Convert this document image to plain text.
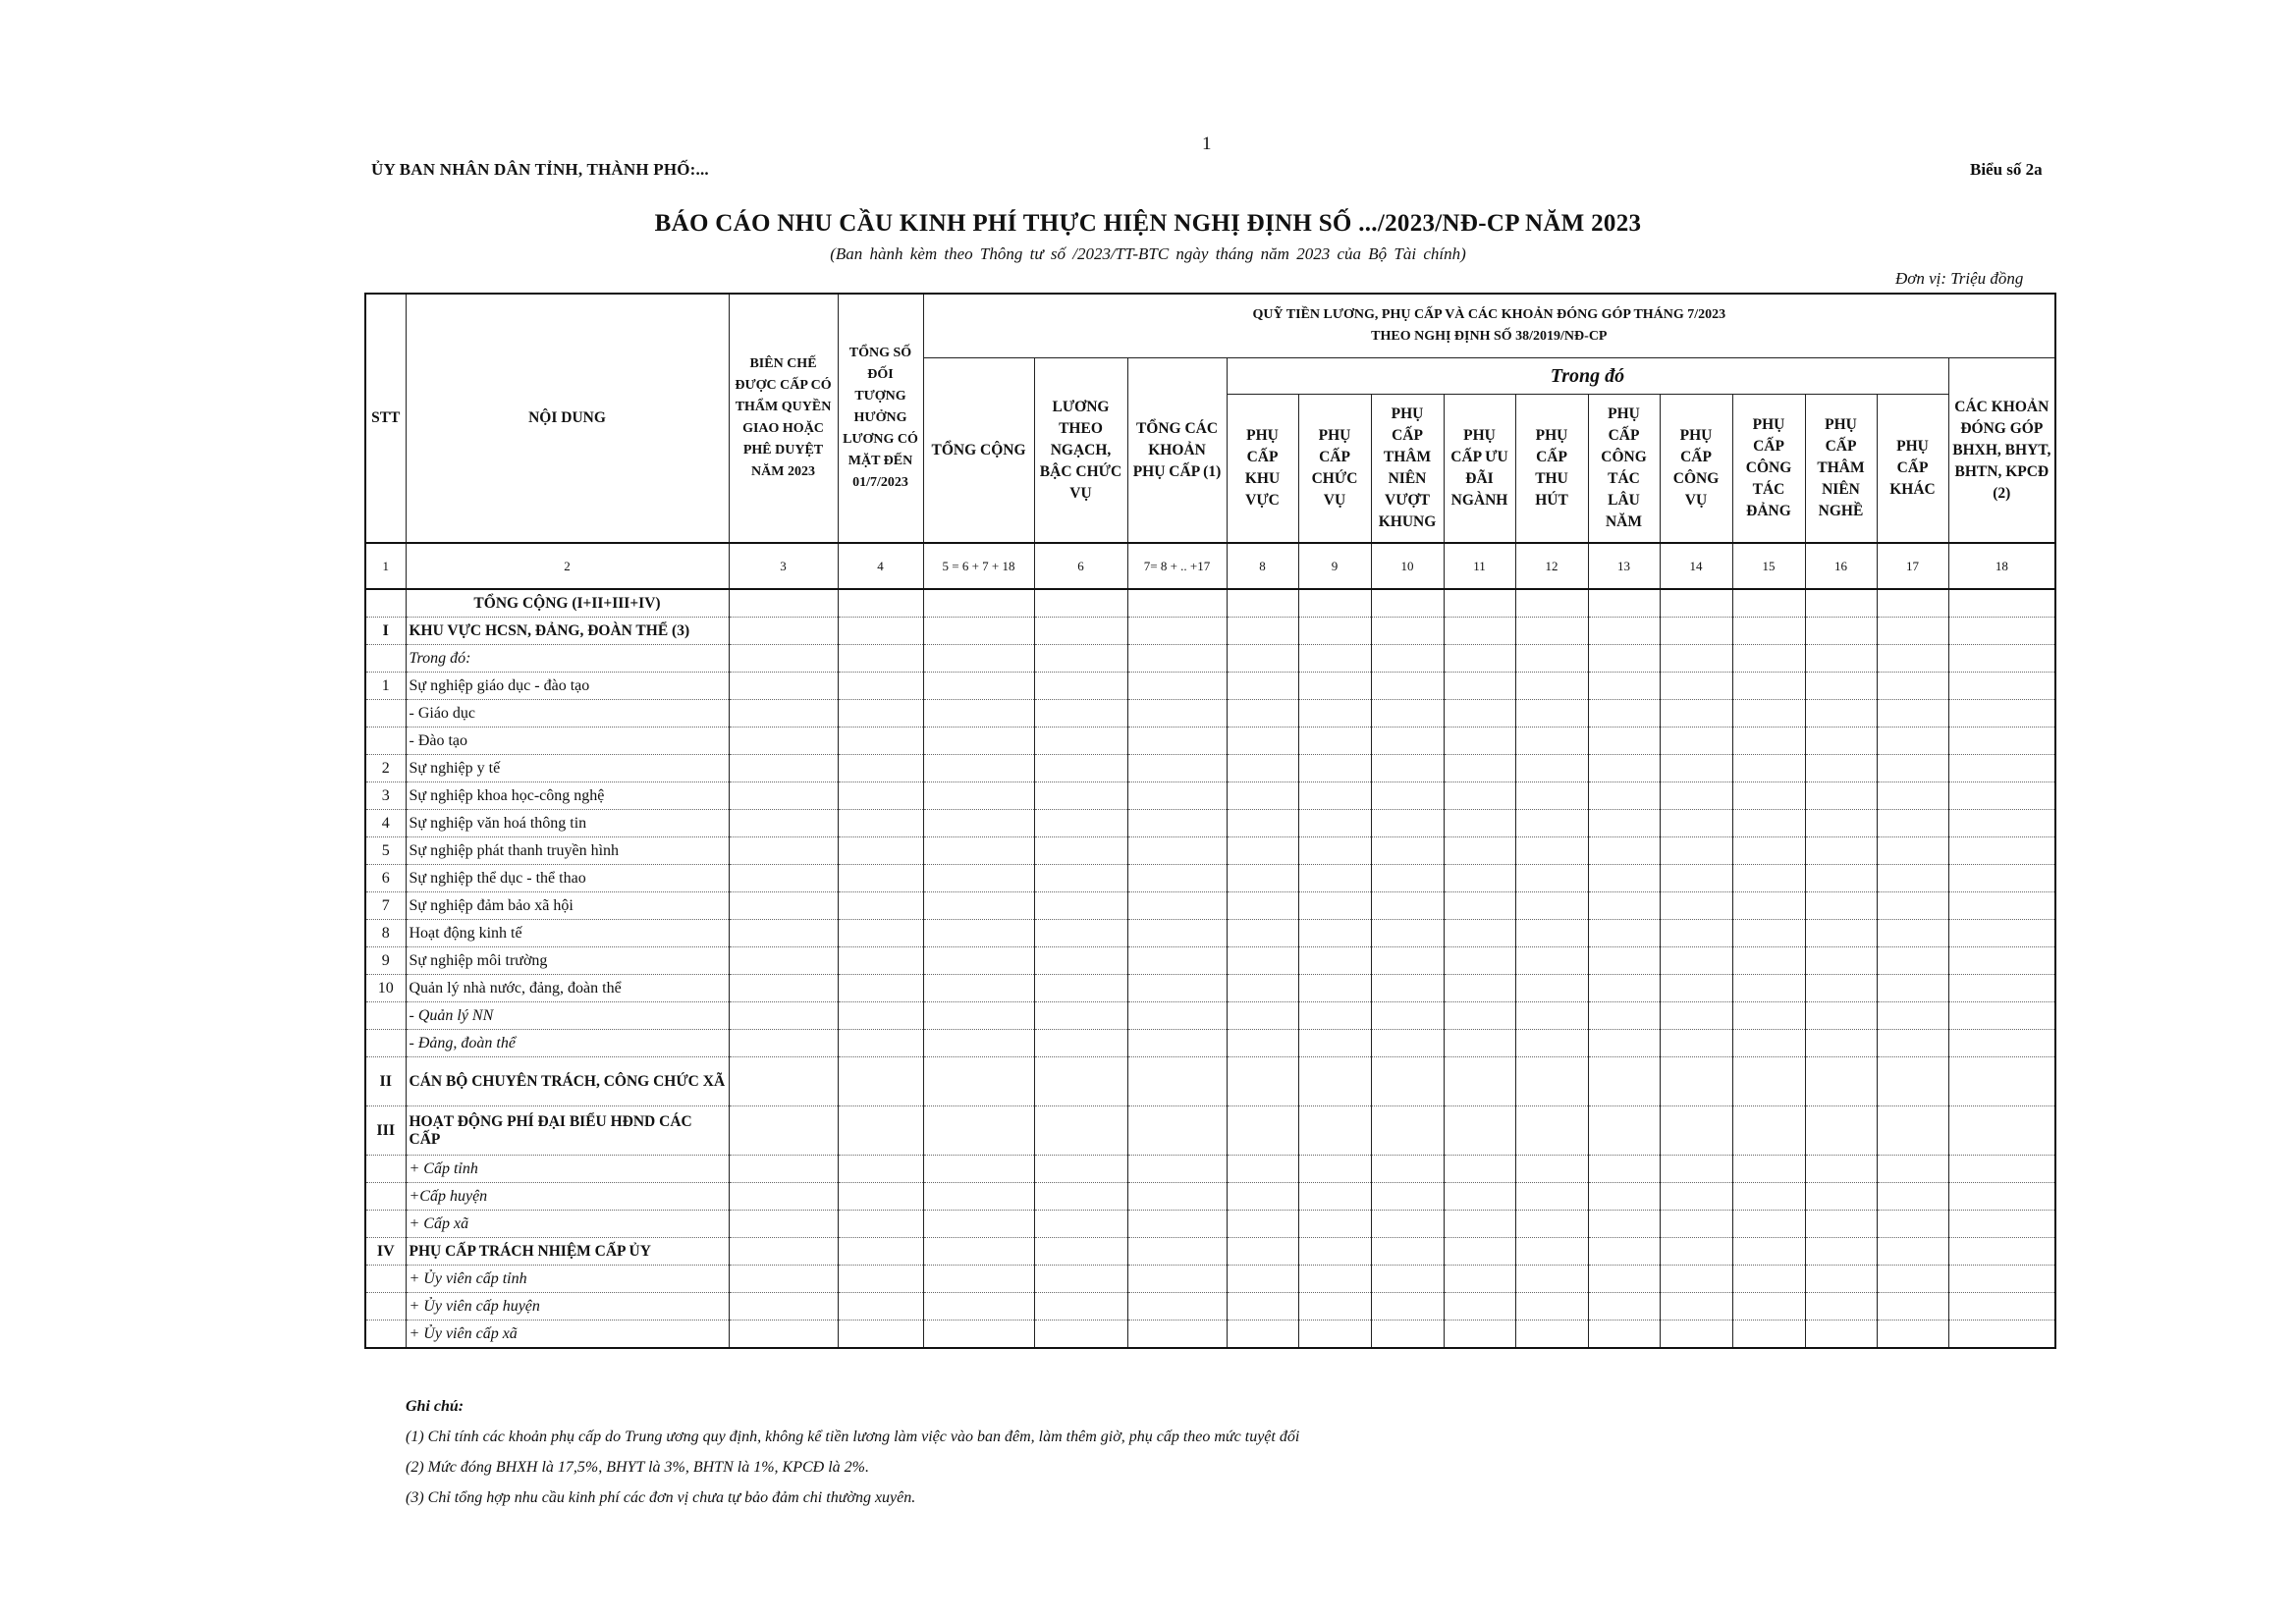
1
ỦY BAN NHÂN DÂN TỈNH, THÀNH PHỐ:...	Biểu số 2a
BÁO CÁO NHU CẦU KINH PHÍ THỰC HIỆN NGHỊ ĐỊNH SỐ .../2023/NĐ-CP NĂM 2023
(Ban hành kèm theo Thông tư số /2023/TT-BTC ngày tháng năm 2023 của Bộ Tài chính)
Đơn vị: Triệu đồng
STT	NỘI DUNG	BIÊN CHẾ ĐƯỢC CẤP CÓ THẨM QUYỀN GIAO HOẶC PHÊ DUYỆT NĂM 2023	TỔNG SỐ ĐỐI TƯỢNG HƯỞNG LƯƠNG CÓ MẶT ĐẾN 01/7/2023	QUỸ TIỀN LƯƠNG, PHỤ CẤP VÀ CÁC KHOẢN ĐÓNG GÓP THÁNG 7/2023
THEO NGHỊ ĐỊNH SỐ 38/2019/NĐ-CP													

				TỔNG CỘNG	LƯƠNG THEO NGẠCH, BẬC CHỨC VỤ	TỔNG CÁC KHOẢN PHỤ CẤP (1)	Trong đó										CÁC KHOẢN ĐÓNG GÓP BHXH, BHYT, BHTN, KPCĐ (2)
							PHỤ CẤP KHU VỰC	PHỤ CẤP CHỨC VỤ	PHỤ CẤP THÂM NIÊN VƯỢT KHUNG	PHỤ CẤP ƯU ĐÃI NGÀNH	PHỤ CẤP THU HÚT	PHỤ CẤP CÔNG TÁC LÂU NĂM	PHỤ CẤP CÔNG VỤ	PHỤ CẤP CÔNG TÁC ĐẢNG	PHỤ CẤP THÂM NIÊN NGHỀ	PHỤ CẤP KHÁC	
1	2	3	4	5 = 6 + 7 + 18	6	7= 8 + .. +17	8	9	10	11	12	13	14	15	16	17	18
	TỔNG CỘNG (I+II+III+IV)																
I	KHU VỰC HCSN, ĐẢNG, ĐOÀN THỂ (3)																
	Trong đó:																
1	Sự nghiệp giáo dục - đào tạo																
	- Giáo dục																
	- Đào tạo																
2	Sự nghiệp y tế																
3	Sự nghiệp khoa học-công nghệ																
4	Sự nghiệp văn hoá thông tin																
5	Sự nghiệp phát thanh truyền hình																
6	Sự nghiệp thể dục - thể thao																
7	Sự nghiệp đảm bảo xã hội																
8	Hoạt động kinh tế																
9	Sự nghiệp môi trường																
10	Quản lý nhà nước, đảng, đoàn thể																
	- Quản lý NN																
	- Đảng, đoàn thể																
II	CÁN BỘ CHUYÊN TRÁCH, CÔNG CHỨC XÃ																
III	HOẠT ĐỘNG PHÍ ĐẠI BIỂU HĐND CÁC CẤP																
	+ Cấp tỉnh																
	+Cấp huyện																
	+ Cấp xã																
IV	PHỤ CẤP TRÁCH NHIỆM CẤP ỦY																
	+ Ủy viên cấp tỉnh																
	+ Ủy viên cấp huyện																
	+ Ủy viên cấp xã																
Ghi chú:
(1) Chỉ tính các khoản phụ cấp do Trung ương quy định, không kể tiền lương làm việc vào ban đêm, làm thêm giờ, phụ cấp theo mức tuyệt đối
(2) Mức đóng BHXH là 17,5%, BHYT là 3%, BHTN là 1%, KPCĐ là 2%.
(3) Chỉ tổng hợp nhu cầu kinh phí các đơn vị chưa tự bảo đảm chi thường xuyên.
